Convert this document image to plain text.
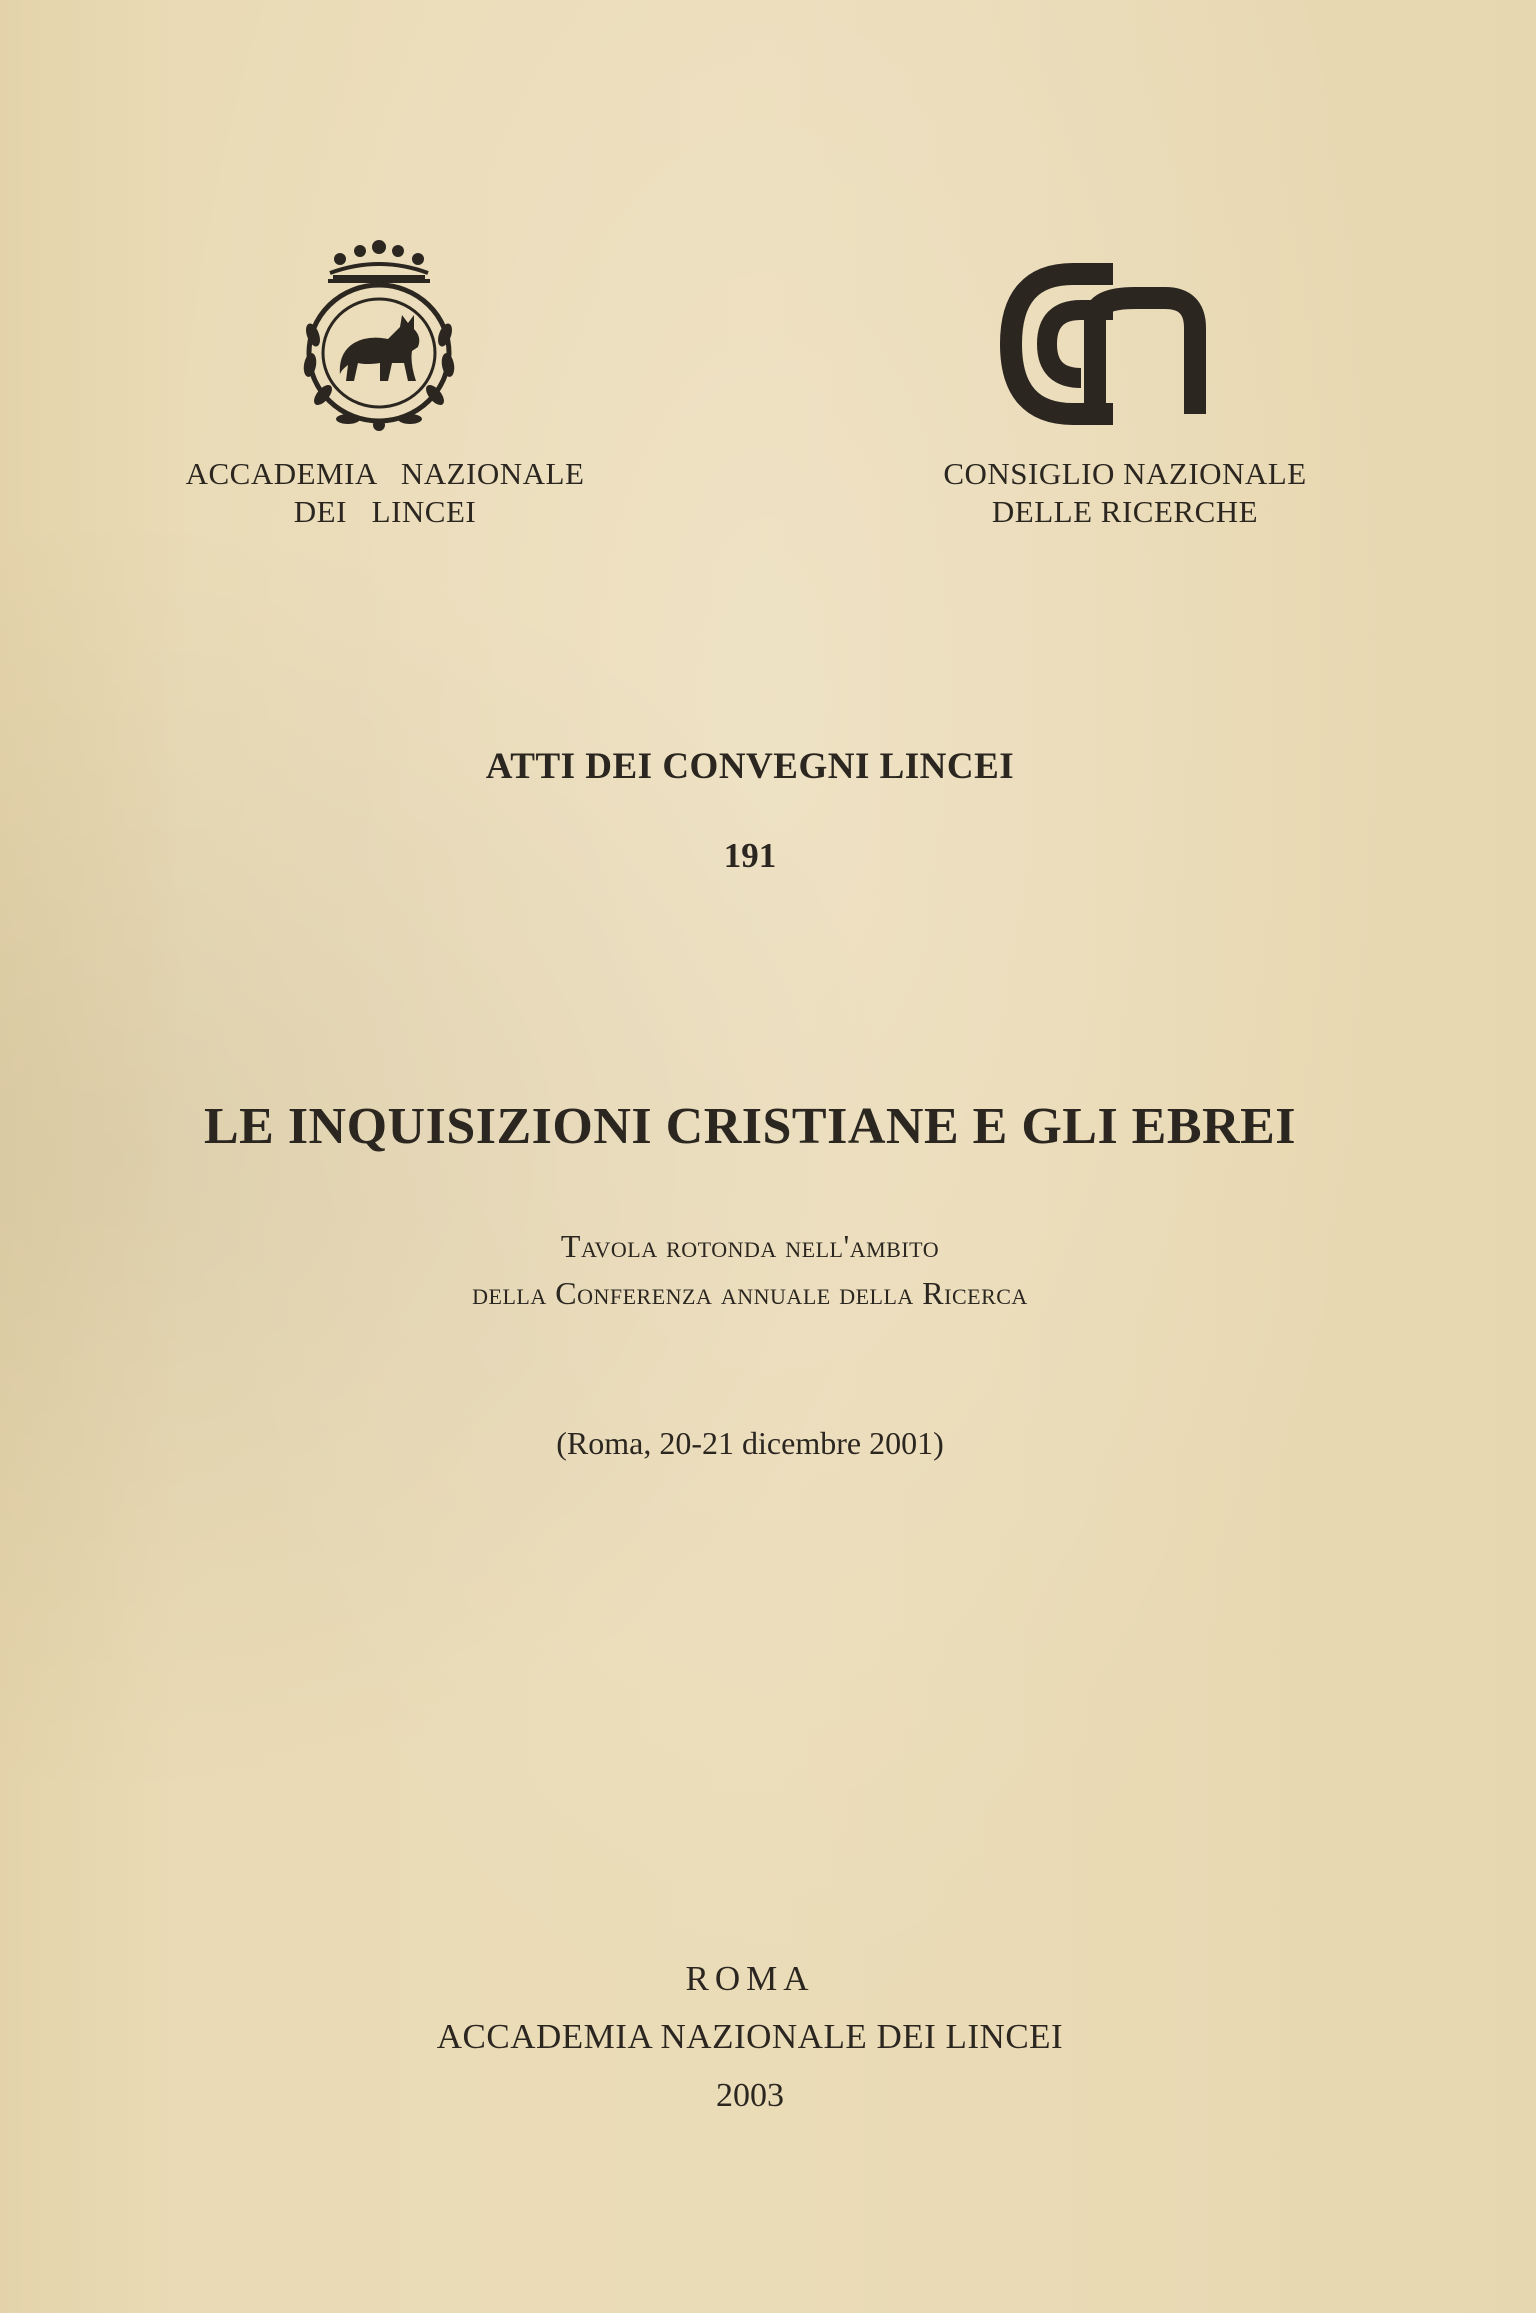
ACCADEMIA   NAZIONALE
DEI   LINCEI
CONSIGLIO NAZIONALE
DELLE RICERCHE
ATTI DEI CONVEGNI LINCEI
191
LE INQUISIZIONI CRISTIANE E GLI EBREI
Tavola rotonda nell'ambito
della Conferenza annuale della Ricerca
(Roma, 20-21 dicembre 2001)
ROMA
ACCADEMIA NAZIONALE DEI LINCEI
2003
